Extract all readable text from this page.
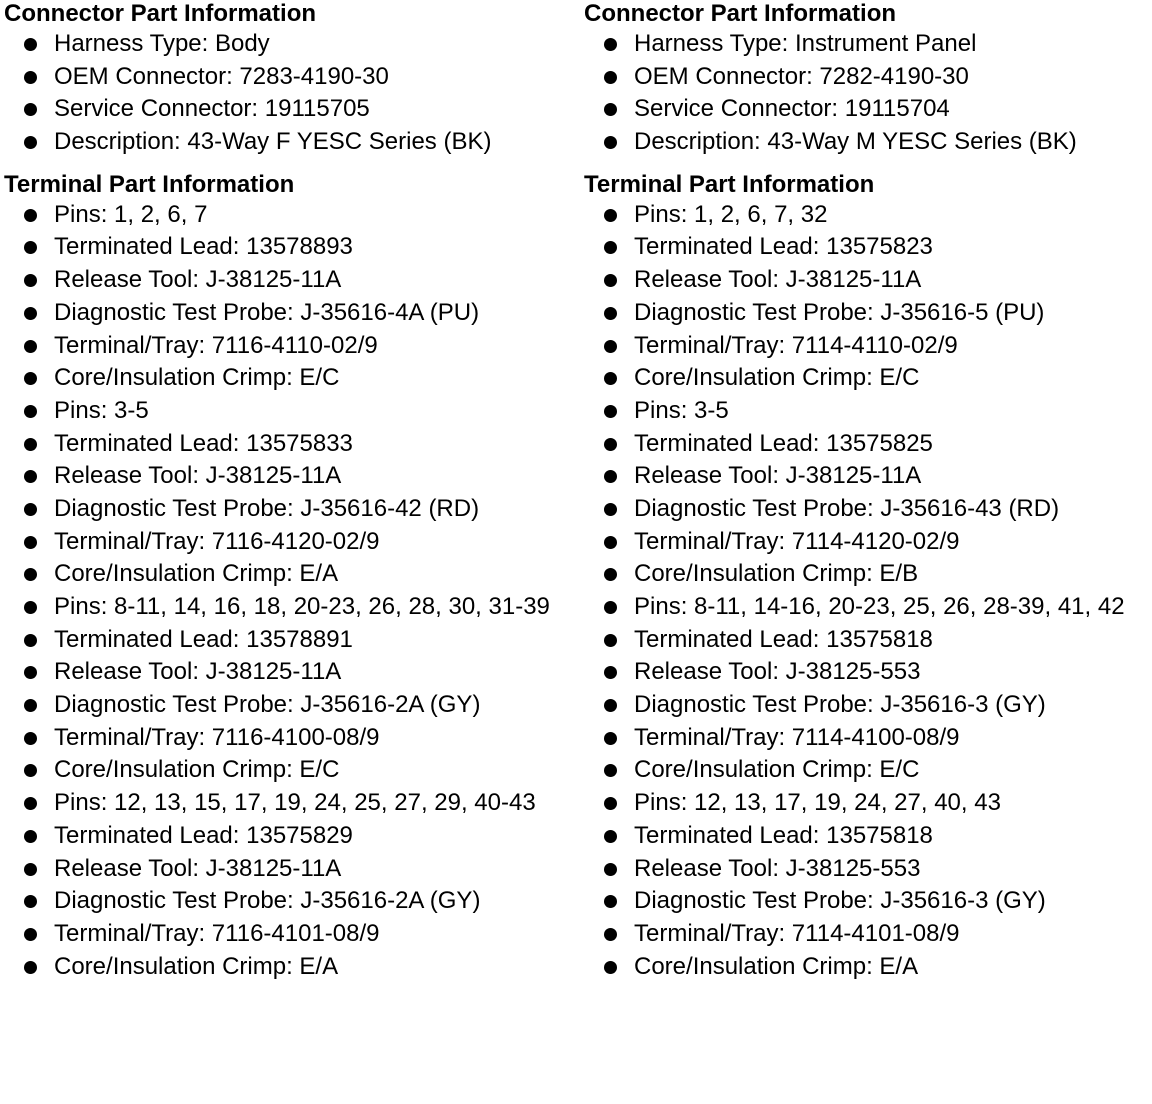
Connector Part Information
Harness Type: Body
OEM Connector: 7283-4190-30
Service Connector: 19115705
Description: 43-Way F YESC Series (BK)
Terminal Part Information
Pins: 1, 2, 6, 7
Terminated Lead: 13578893
Release Tool: J-38125-11A
Diagnostic Test Probe: J-35616-4A (PU)
Terminal/Tray: 7116-4110-02/9
Core/Insulation Crimp: E/C
Pins: 3-5
Terminated Lead: 13575833
Release Tool: J-38125-11A
Diagnostic Test Probe: J-35616-42 (RD)
Terminal/Tray: 7116-4120-02/9
Core/Insulation Crimp: E/A
Pins: 8-11, 14, 16, 18, 20-23, 26, 28, 30, 31-39
Terminated Lead: 13578891
Release Tool: J-38125-11A
Diagnostic Test Probe: J-35616-2A (GY)
Terminal/Tray: 7116-4100-08/9
Core/Insulation Crimp: E/C
Pins: 12, 13, 15, 17, 19, 24, 25, 27, 29, 40-43
Terminated Lead: 13575829
Release Tool: J-38125-11A
Diagnostic Test Probe: J-35616-2A (GY)
Terminal/Tray: 7116-4101-08/9
Core/Insulation Crimp: E/A
Connector Part Information
Harness Type: Instrument Panel
OEM Connector: 7282-4190-30
Service Connector: 19115704
Description: 43-Way M YESC Series (BK)
Terminal Part Information
Pins: 1, 2, 6, 7, 32
Terminated Lead: 13575823
Release Tool: J-38125-11A
Diagnostic Test Probe: J-35616-5 (PU)
Terminal/Tray: 7114-4110-02/9
Core/Insulation Crimp: E/C
Pins: 3-5
Terminated Lead: 13575825
Release Tool: J-38125-11A
Diagnostic Test Probe: J-35616-43 (RD)
Terminal/Tray: 7114-4120-02/9
Core/Insulation Crimp: E/B
Pins: 8-11, 14-16, 20-23, 25, 26, 28-39, 41, 42
Terminated Lead: 13575818
Release Tool: J-38125-553
Diagnostic Test Probe: J-35616-3 (GY)
Terminal/Tray: 7114-4100-08/9
Core/Insulation Crimp: E/C
Pins: 12, 13, 17, 19, 24, 27, 40, 43
Terminated Lead: 13575818
Release Tool: J-38125-553
Diagnostic Test Probe: J-35616-3 (GY)
Terminal/Tray: 7114-4101-08/9
Core/Insulation Crimp: E/A
